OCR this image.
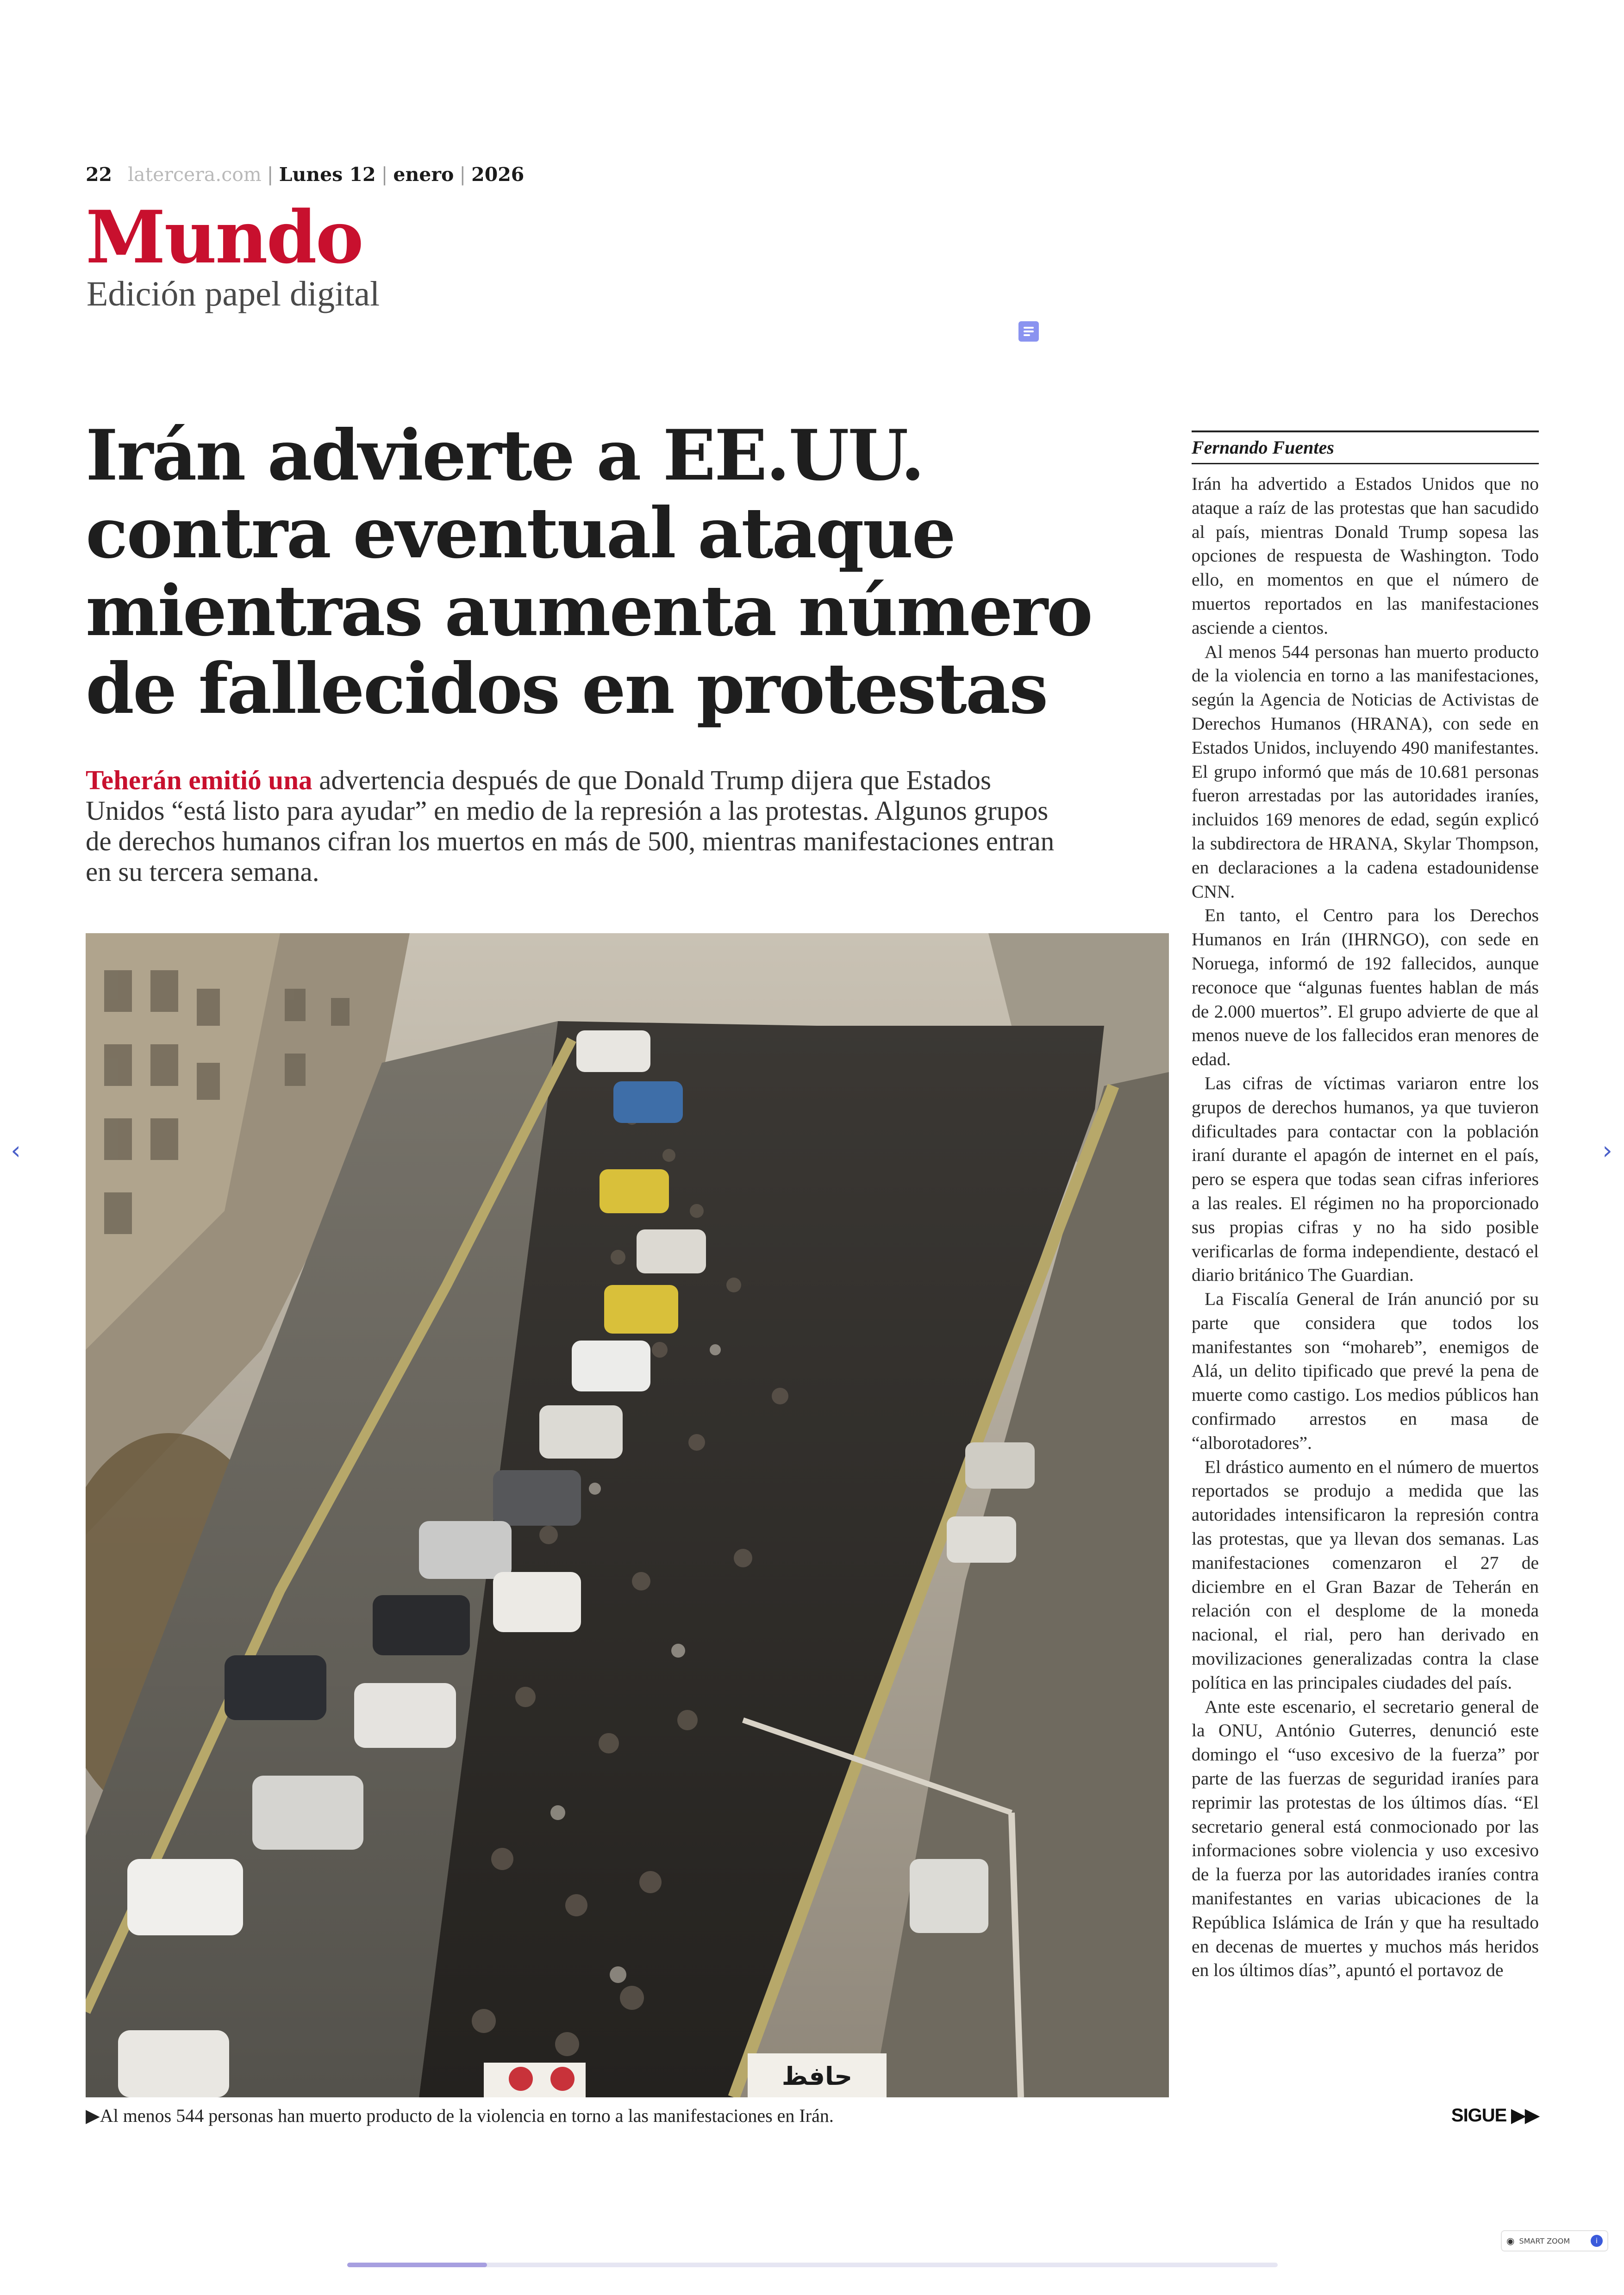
22 latercera.com | Lunes 12 | enero | 2026
Mundo
Edición papel digital
Irán advierte a EE.UU.
contra eventual ataque
mientras aumenta número
de fallecidos en protestas

Teherán emitió una advertencia después de que Donald Trump dijera que Estados Unidos “está listo para ayudar” en medio de la represión a las protestas. Algunos grupos de derechos humanos cifran los muertos en más de 500, mientras manifestaciones entran en su tercera semana.

حافظ
▶Al menos 544 personas han muerto producto de la violencia en torno a las manifestaciones en Irán.
Fernando Fuentes

Irán ha advertido a Estados Unidos que no ataque a raíz de las protestas que han sacudido al país, mientras Donald Trump sopesa las opciones de respuesta de Washington. Todo ello, en momentos en que el número de muertos reportados en las manifestaciones asciende a cientos.

Al menos 544 personas han muerto producto de la violencia en torno a las manifestaciones, según la Agencia de Noticias de Activistas de Derechos Humanos (HRANA), con sede en Estados Unidos, incluyendo 490 manifestantes. El grupo informó que más de 10.681 personas fueron arrestadas por las autoridades iraníes, incluidos 169 menores de edad, según explicó la subdirectora de HRANA, Skylar Thompson, en declaraciones a la cadena estadounidense CNN.

En tanto, el Centro para los Derechos Humanos en Irán (IHRNGO), con sede en Noruega, informó de 192 fallecidos, aunque reconoce que “algunas fuentes hablan de más de 2.000 muertos”. El grupo advierte de que al menos nueve de los fallecidos eran menores de edad.

Las cifras de víctimas variaron entre los grupos de derechos humanos, ya que tuvieron dificultades para contactar con la población iraní durante el apagón de internet en el país, pero se espera que todas sean cifras inferiores a las reales. El régimen no ha proporcionado sus propias cifras y no ha sido posible verificarlas de forma independiente, destacó el diario británico The Guardian.

La Fiscalía General de Irán anunció por su parte que considera que todos los manifestantes son “mohareb”, enemigos de Alá, un delito tipificado que prevé la pena de muerte como castigo. Los medios públicos han confirmado arrestos en masa de “alborotadores”.

El drástico aumento en el número de muertos reportados se produjo a medida que las autoridades intensificaron la represión contra las protestas, que ya llevan dos semanas. Las manifestaciones comenzaron el 27 de diciembre en el Gran Bazar de Teherán en relación con el desplome de la moneda nacional, el rial, pero han derivado en movilizaciones generalizadas contra la clase política en las principales ciudades del país.

Ante este escenario, el secretario general de la ONU, António Guterres, denunció este domingo el “uso excesivo de la fuerza” por parte de las fuerzas de seguridad iraníes para reprimir las protestas de los últimos días. “El secretario general está conmocionado por las informaciones sobre violencia y uso excesivo de la fuerza por las autoridades iraníes contra manifestantes en varias ubicaciones de la República Islámica de Irán y que ha resultado en decenas de muertes y muchos más heridos en los últimos días”, apuntó el portavoz de

SIGUE ▶▶
‹	›
◉ SMART ZOOM	i
